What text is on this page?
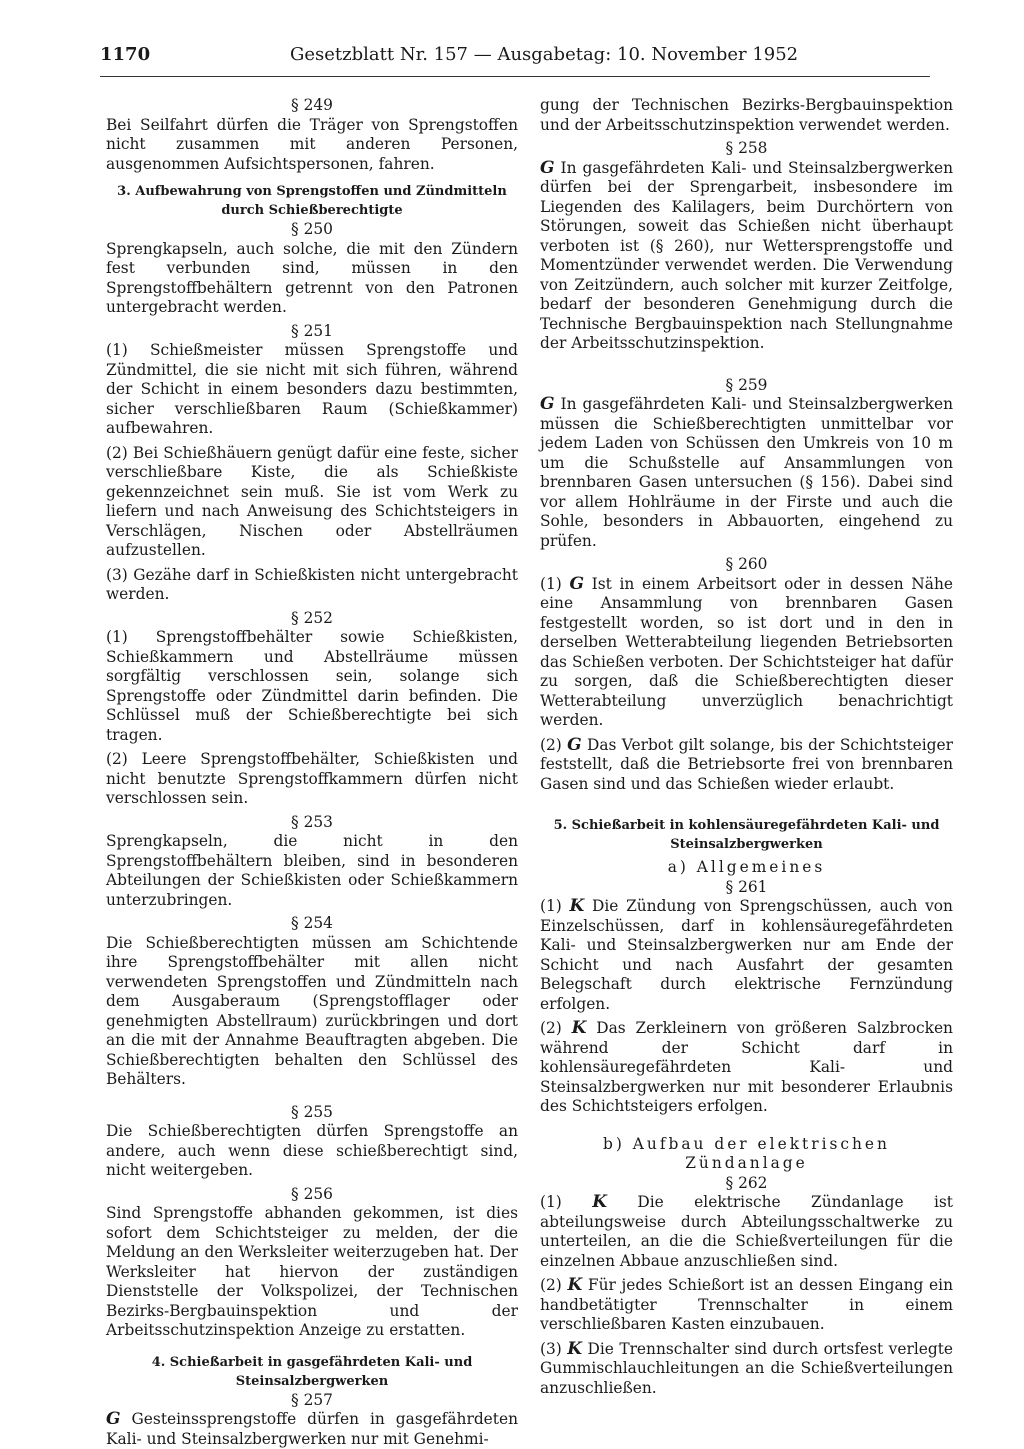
1170	Gesetzblatt Nr. 157 — Ausgabetag: 10. November 1952

§ 249

Bei Seilfahrt dürfen die Träger von Sprengstoffen nicht zusammen mit anderen Personen, ausgenommen Aufsichtspersonen, fahren.

3. Aufbewahrung von Sprengstoffen und Zündmitteln durch Schießberechtigte

§ 250

Sprengkapseln, auch solche, die mit den Zündern fest verbunden sind, müssen in den Sprengstoffbehältern getrennt von den Patronen untergebracht werden.

§ 251

(1) Schießmeister müssen Sprengstoffe und Zündmittel, die sie nicht mit sich führen, während der Schicht in einem besonders dazu bestimmten, sicher verschließbaren Raum (Schießkammer) aufbewahren.

(2) Bei Schießhäuern genügt dafür eine feste, sicher verschließbare Kiste, die als Schießkiste gekennzeichnet sein muß. Sie ist vom Werk zu liefern und nach Anweisung des Schichtsteigers in Verschlägen, Nischen oder Abstellräumen aufzustellen.

(3) Gezähe darf in Schießkisten nicht untergebracht werden.

§ 252

(1) Sprengstoffbehälter sowie Schießkisten, Schießkammern und Abstellräume müssen sorgfältig verschlossen sein, solange sich Sprengstoffe oder Zündmittel darin befinden. Die Schlüssel muß der Schießberechtigte bei sich tragen.

(2) Leere Sprengstoffbehälter, Schießkisten und nicht benutzte Sprengstoffkammern dürfen nicht verschlossen sein.

§ 253

Sprengkapseln, die nicht in den Sprengstoffbehältern bleiben, sind in besonderen Abteilungen der Schießkisten oder Schießkammern unterzubringen.

§ 254

Die Schießberechtigten müssen am Schichtende ihre Sprengstoffbehälter mit allen nicht verwendeten Sprengstoffen und Zündmitteln nach dem Ausgaberaum (Sprengstofflager oder genehmigten Abstellraum) zurückbringen und dort an die mit der Annahme Beauftragten abgeben. Die Schießberechtigten behalten den Schlüssel des Behälters.

§ 255

Die Schießberechtigten dürfen Sprengstoffe an andere, auch wenn diese schießberechtigt sind, nicht weitergeben.

§ 256

Sind Sprengstoffe abhanden gekommen, ist dies sofort dem Schichtsteiger zu melden, der die Meldung an den Werksleiter weiterzugeben hat. Der Werksleiter hat hiervon der zuständigen Dienststelle der Volkspolizei, der Technischen Bezirks-Bergbauinspektion und der Arbeitsschutzinspektion Anzeige zu erstatten.

4. Schießarbeit in gasgefährdeten Kali- und Steinsalzbergwerken

§ 257

G Gesteinssprengstoffe dürfen in gasgefährdeten Kali- und Steinsalzbergwerken nur mit Genehmi-

gung der Technischen Bezirks-Bergbauinspektion und der Arbeitsschutzinspektion verwendet werden.

§ 258

G In gasgefährdeten Kali- und Steinsalzbergwerken dürfen bei der Sprengarbeit, insbesondere im Liegenden des Kalilagers, beim Durchörtern von Störungen, soweit das Schießen nicht überhaupt verboten ist (§ 260), nur Wettersprengstoffe und Momentzünder verwendet werden. Die Verwendung von Zeitzündern, auch solcher mit kurzer Zeitfolge, bedarf der besonderen Genehmigung durch die Technische Bergbauinspektion nach Stellungnahme der Arbeitsschutzinspektion.

§ 259

G In gasgefährdeten Kali- und Steinsalzbergwerken müssen die Schießberechtigten unmittelbar vor jedem Laden von Schüssen den Umkreis von 10 m um die Schußstelle auf Ansammlungen von brennbaren Gasen untersuchen (§ 156). Dabei sind vor allem Hohlräume in der Firste und auch die Sohle, besonders in Abbauorten, eingehend zu prüfen.

§ 260

(1) G Ist in einem Arbeitsort oder in dessen Nähe eine Ansammlung von brennbaren Gasen festgestellt worden, so ist dort und in den in derselben Wetterabteilung liegenden Betriebsorten das Schießen verboten. Der Schichtsteiger hat dafür zu sorgen, daß die Schießberechtigten dieser Wetterabteilung unverzüglich benachrichtigt werden.

(2) G Das Verbot gilt solange, bis der Schichtsteiger feststellt, daß die Betriebsorte frei von brennbaren Gasen sind und das Schießen wieder erlaubt.

5. Schießarbeit in kohlensäuregefährdeten Kali- und Steinsalzbergwerken

a) Allgemeines

§ 261

(1) K Die Zündung von Sprengschüssen, auch von Einzelschüssen, darf in kohlensäuregefährdeten Kali- und Steinsalzbergwerken nur am Ende der Schicht und nach Ausfahrt der gesamten Belegschaft durch elektrische Fernzündung erfolgen.

(2) K Das Zerkleinern von größeren Salzbrocken während der Schicht darf in kohlensäuregefährdeten Kali- und Steinsalzbergwerken nur mit besonderer Erlaubnis des Schichtsteigers erfolgen.

b) Aufbau der elektrischen Zündanlage

§ 262

(1) K Die elektrische Zündanlage ist abteilungsweise durch Abteilungsschaltwerke zu unterteilen, an die die Schießverteilungen für die einzelnen Abbaue anzuschließen sind.

(2) K Für jedes Schießort ist an dessen Eingang ein handbetätigter Trennschalter in einem verschließbaren Kasten einzubauen.

(3) K Die Trennschalter sind durch ortsfest verlegte Gummischlauchleitungen an die Schießverteilungen anzuschließen.
